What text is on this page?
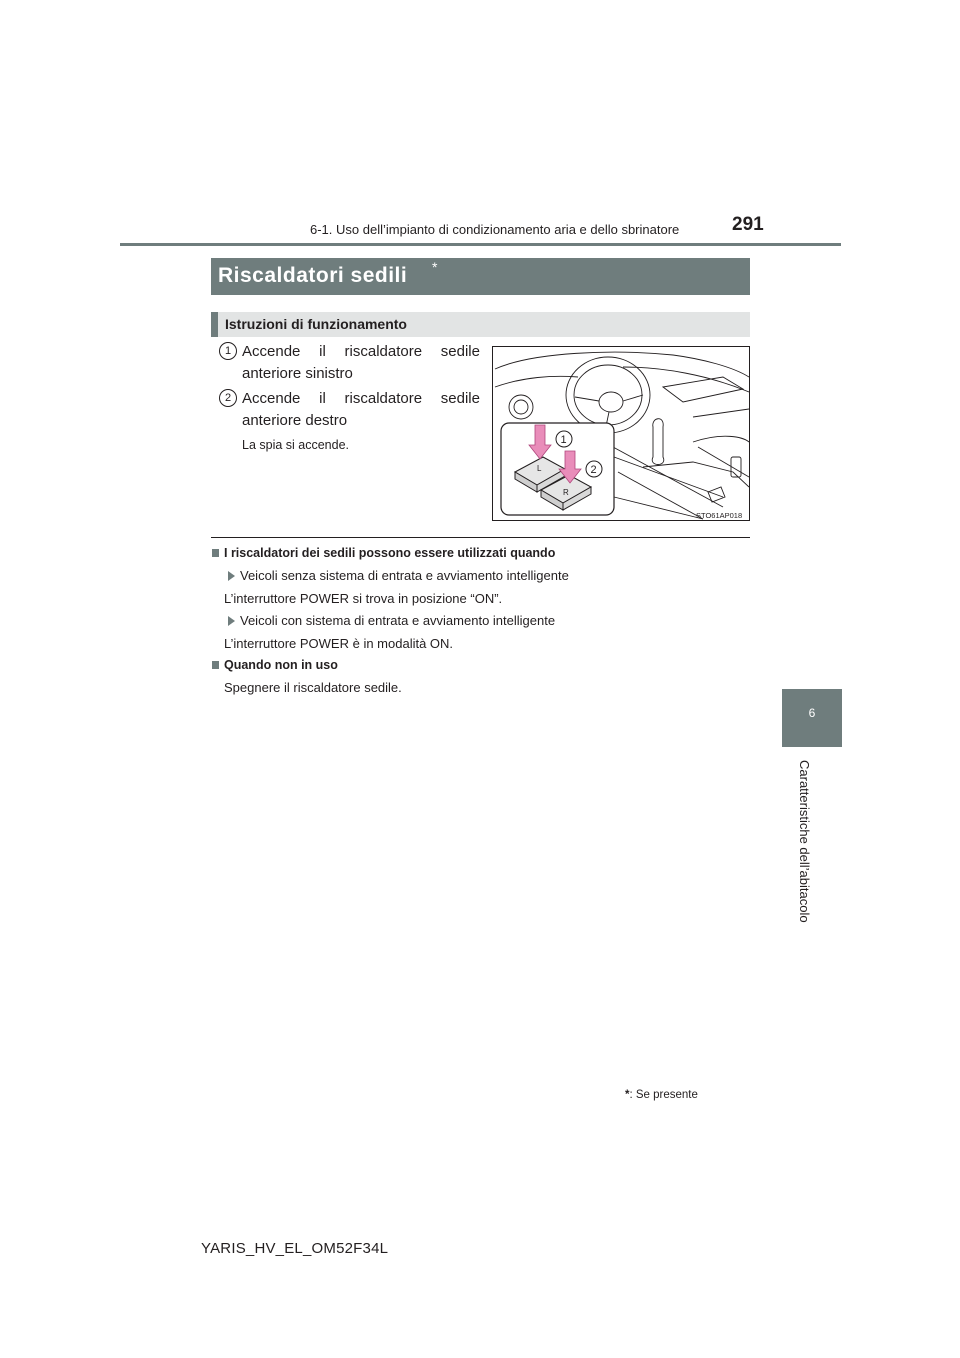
6-1. Uso dell’impianto di condizionamento aria e dello sbrinatore	291
6
Caratteristiche dell’abitacolo
Riscaldatori sedili *
Istruzioni di funzionamento
1 Accende il riscaldatore sedile anteriore sinistro
2 Accende il riscaldatore sedile anteriore destro
La spia si accende.
L
R
1
2
STO61AP018
I riscaldatori dei sedili possono essere utilizzati quando
Veicoli senza sistema di entrata e avviamento intelligente
L’interruttore POWER si trova in posizione “ON”.
Veicoli con sistema di entrata e avviamento intelligente
L’interruttore POWER è in modalità ON.
Quando non in uso
Spegnere il riscaldatore sedile.
*: Se presente
YARIS_HV_EL_OM52F34L
